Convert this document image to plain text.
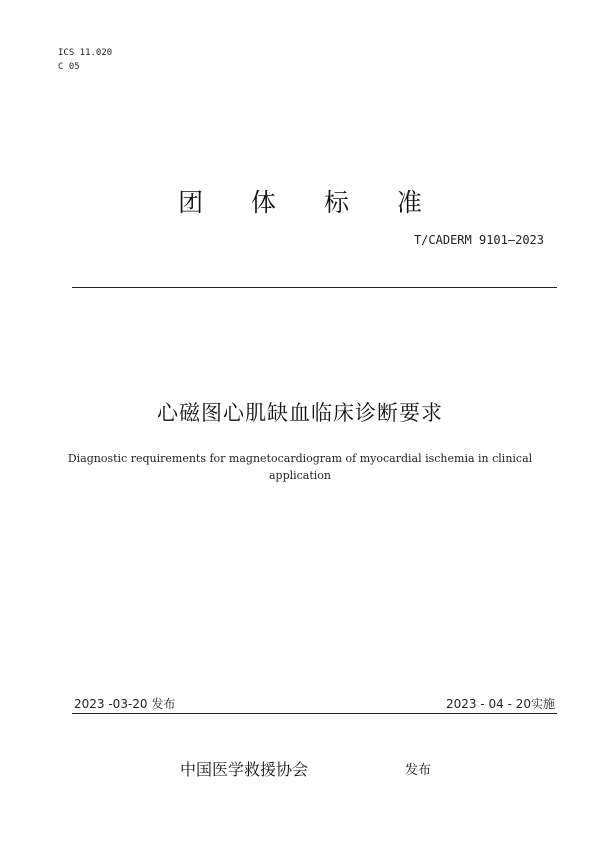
ICS 11.020
C 05
团 体 标 准
T/CADERM 9101—2023
心磁图心肌缺血临床诊断要求
Diagnostic requirements for magnetocardiogram of myocardial ischemia in clinical application
2023 -03-20 发布	2023 - 04 - 20实施
中国医学救援协会	发布
